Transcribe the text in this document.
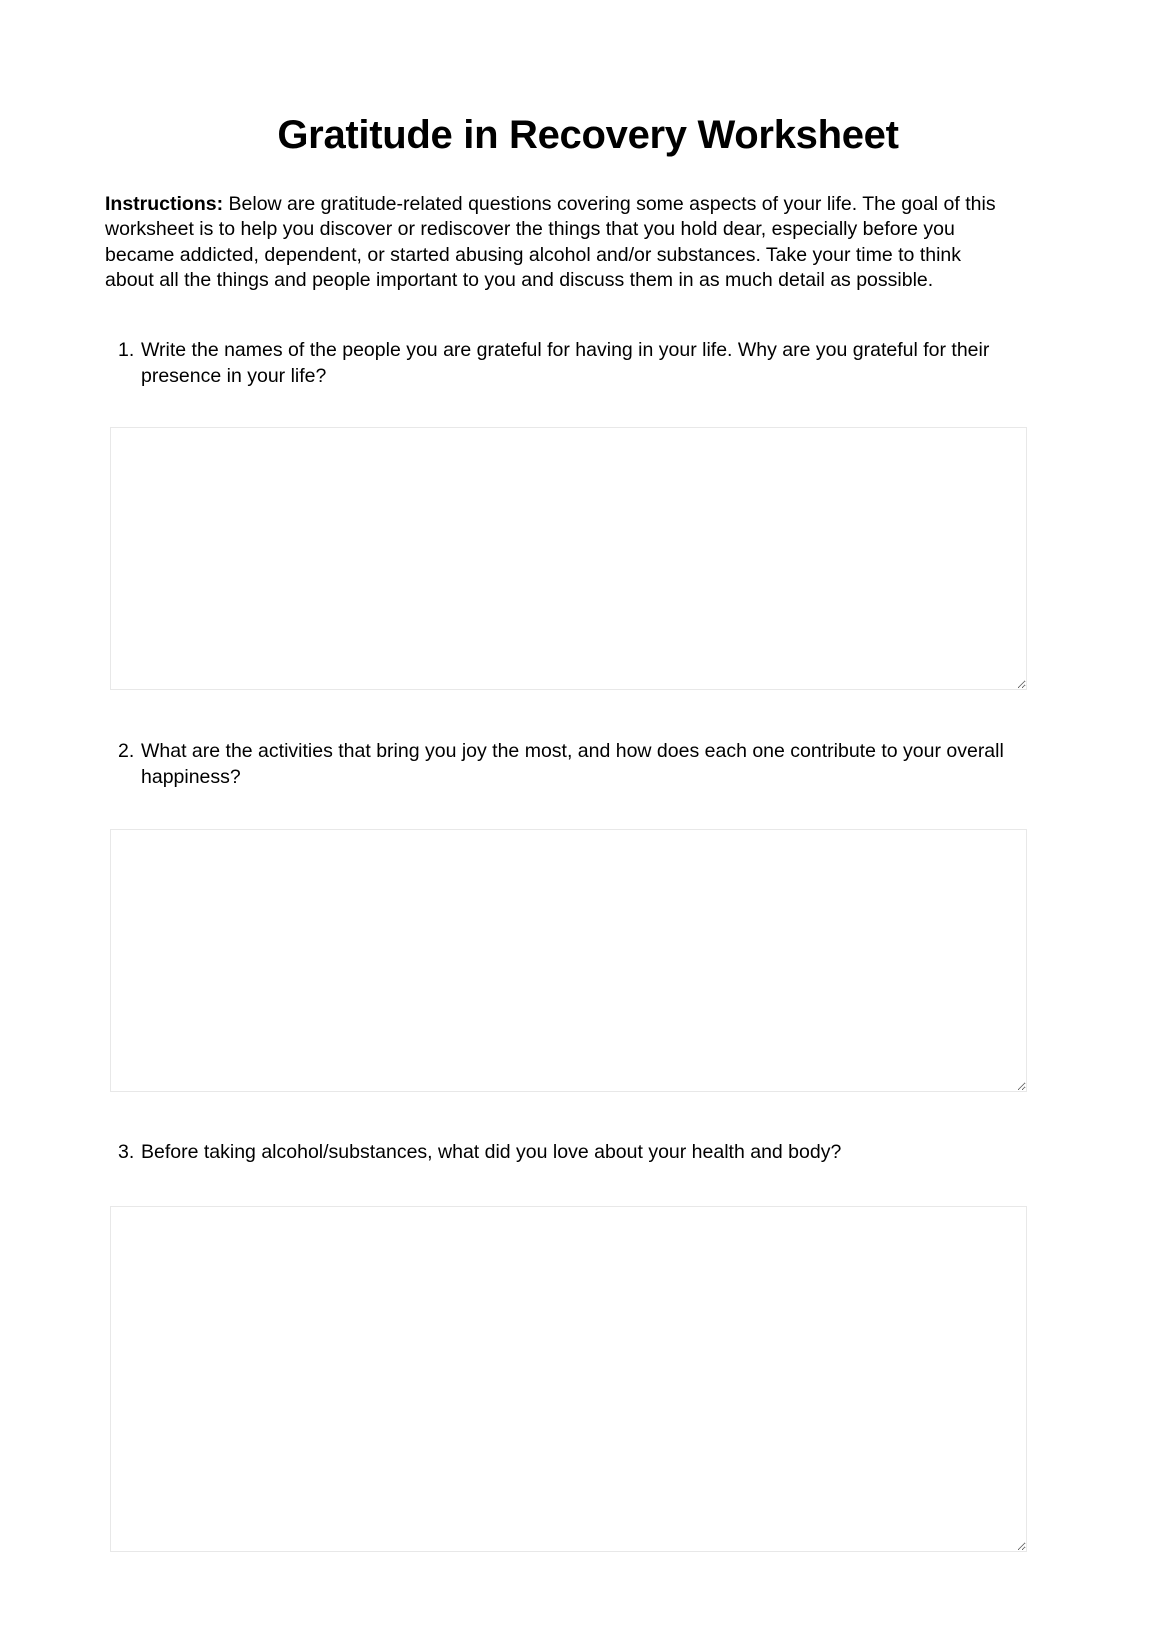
Gratitude in Recovery Worksheet

Instructions: Below are gratitude-related questions covering some aspects of your life. The goal of this worksheet is to help you discover or rediscover the things that you hold dear, especially before you became addicted, dependent, or started abusing alcohol and/or substances. Take your time to think about all the things and people important to you and discuss them in as much detail as possible.

1. Write the names of the people you are grateful for having in your life. Why are you grateful for their presence in your life?
2. What are the activities that bring you joy the most, and how does each one contribute to your overall happiness?
3. Before taking alcohol/substances, what did you love about your health and body?
